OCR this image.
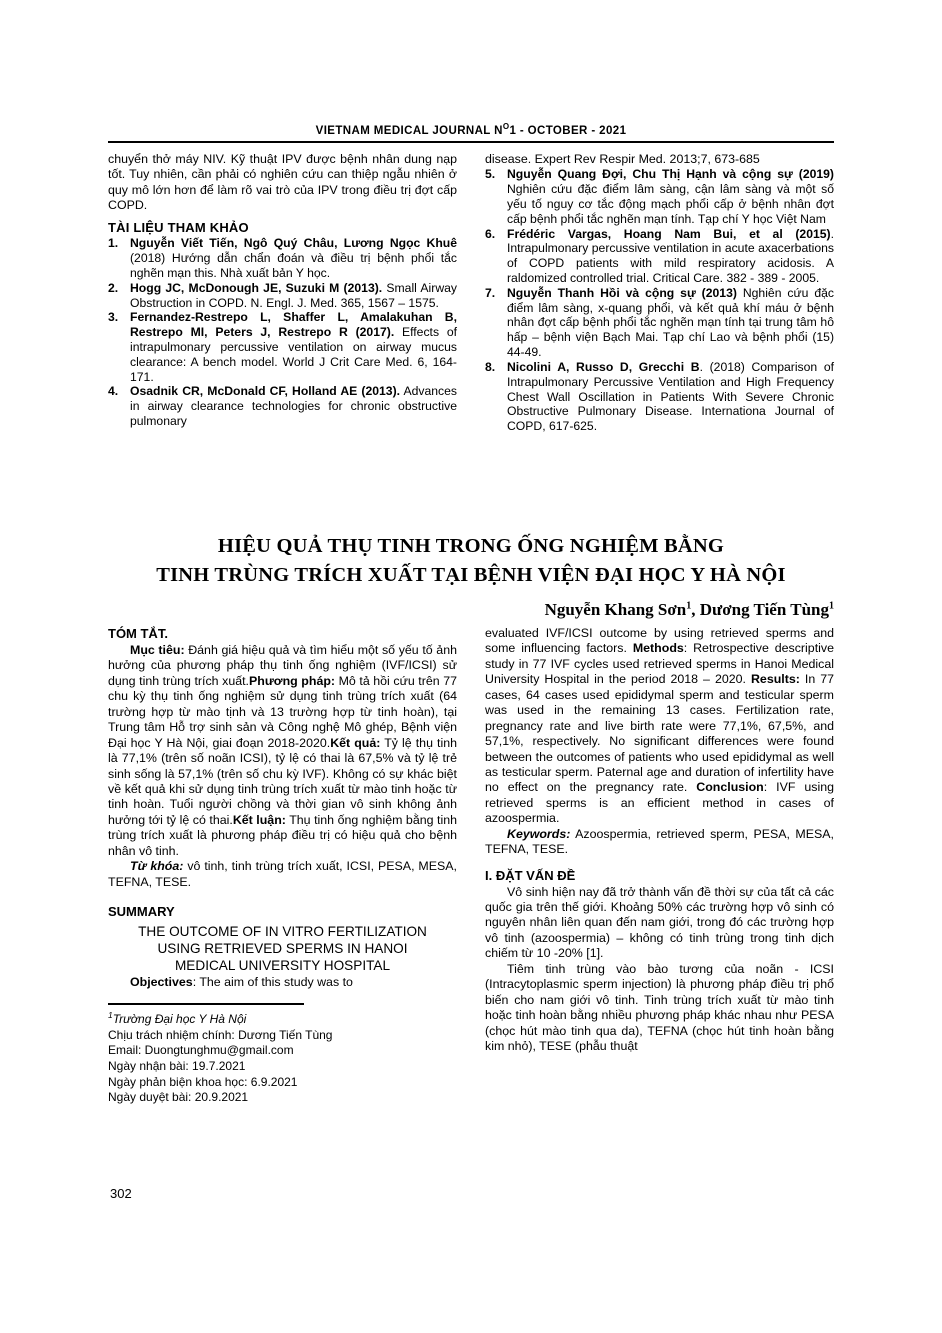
VIETNAM MEDICAL JOURNAL $N^O1$ - OCTOBER - 2021

chuyển thở máy NIV. Kỹ thuật IPV được bệnh nhân dung nạp tốt. Tuy nhiên, cần phải có nghiên cứu can thiệp ngẫu nhiên ở quy mô lớn hơn để làm rõ vai trò của IPV trong điều trị đợt cấp COPD.

TÀI LIỆU THAM KHẢO
1. Nguyễn Viết Tiến, Ngô Quý Châu, Lương Ngọc Khuê (2018) Hướng dẫn chẩn đoán và điều trị bệnh phổi tắc nghẽn mạn this. Nhà xuất bản Y học.
2. Hogg JC, McDonough JE, Suzuki M (2013). Small Airway Obstruction in COPD. N. Engl. J. Med. 365, 1567 – 1575.
3. Fernandez-Restrepo L, Shaffer L, Amalakuhan B, Restrepo MI, Peters J, Restrepo R (2017). Effects of intrapulmonary percussive ventilation on airway mucus clearance: A bench model. World J Crit Care Med. 6, 164-171.
4. Osadnik CR, McDonald CF, Holland AE (2013). Advances in airway clearance technologies for chronic obstructive pulmonary

disease. Expert Rev Respir Med. 2013;7, 673-685

5. Nguyễn Quang Đợi, Chu Thị Hạnh và cộng sự (2019) Nghiên cứu đặc điểm lâm sàng, cận lâm sàng và một số yếu tố nguy cơ tắc động mạch phổi cấp ở bệnh nhân đợt cấp bệnh phổi tắc nghẽn mạn tính. Tạp chí Y học Việt Nam
6. Frédéric Vargas, Hoang Nam Bui, et al (2015). Intrapulmonary percussive ventilation in acute axacerbations of COPD patients with mild respiratory acidosis. A raldomized controlled trial. Critical Care. 382 - 389 - 2005.
7. Nguyễn Thanh Hồi và cộng sự (2013) Nghiên cứu đặc điểm lâm sàng, x-quang phổi, và kết quả khí máu ở bệnh nhân đợt cấp bệnh phổi tắc nghẽn mạn tính tại trung tâm hô hấp – bệnh viện Bạch Mai. Tạp chí Lao và bệnh phổi (15) 44-49.
8. Nicolini A, Russo D, Grecchi B. (2018) Comparison of Intrapulmonary Percussive Ventilation and High Frequency Chest Wall Oscillation in Patients With Severe Chronic Obstructive Pulmonary Disease. Internationa Journal of COPD, 617-625.
HIỆU QUẢ THỤ TINH TRONG ỐNG NGHIỆM BẰNG
TINH TRÙNG TRÍCH XUẤT TẠI BỆNH VIỆN ĐẠI HỌC Y HÀ NỘI
Nguyễn Khang Sơn$^1$, Dương Tiến Tùng$^1$
TÓM TẮT.

Mục tiêu: Đánh giá hiệu quả và tìm hiểu một số yếu tố ảnh hưởng của phương pháp thụ tinh ống nghiệm (IVF/ICSI) sử dụng tinh trùng trích xuất.Phương pháp: Mô tả hồi cứu trên 77 chu kỳ thụ tinh ống nghiệm sử dụng tinh trùng trích xuất (64 trường hợp từ mào tịnh và 13 trường hợp từ tinh hoàn), tại Trung tâm Hỗ trợ sinh sản và Công nghệ Mô ghép, Bệnh viện Đại học Y Hà Nội, giai đoạn 2018-2020.Kết quả: Tỷ lệ thụ tinh là 77,1% (trên số noãn ICSI), tỷ lệ có thai là 67,5% và tỷ lệ trẻ sinh sống là 57,1% (trên số chu kỳ IVF). Không có sự khác biệt về kết quả khi sử dụng tinh trùng trích xuất từ mào tinh hoặc từ tinh hoàn. Tuổi người chồng và thời gian vô sinh không ảnh hưởng tới tỷ lệ có thai.Kết luận: Thụ tinh ống nghiệm bằng tinh trùng trích xuất là phương pháp điều trị có hiệu quả cho bệnh nhân vô tinh.

Từ khóa: vô tinh, tinh trùng trích xuất, ICSI, PESA, MESA, TEFNA, TESE.

SUMMARY
THE OUTCOME OF IN VITRO FERTILIZATION
USING RETRIEVED SPERMS IN HANOI
MEDICAL UNIVERSITY HOSPITAL

Objectives: The aim of this study was to

$^1$Trường Đại học Y Hà Nội

Chịu trách nhiệm chính: Dương Tiến Tùng

Email: Duongtunghmu@gmail.com

Ngày nhận bài: 19.7.2021

Ngày phản biện khoa học: 6.9.2021

Ngày duyệt bài: 20.9.2021

evaluated IVF/ICSI outcome by using retrieved sperms and some influencing factors. Methods: Retrospective descriptive study in 77 IVF cycles used retrieved sperms in Hanoi Medical University Hospital in the period 2018 – 2020. Results: In 77 cases, 64 cases used epididymal sperm and testicular sperm was used in the remaining 13 cases. Fertilization rate, pregnancy rate and live birth rate were 77,1%, 67,5%, and 57,1%, respectively. No significant differences were found between the outcomes of patients who used epididymal as well as testicular sperm. Paternal age and duration of infertility have no effect on the pregnancy rate. Conclusion: IVF using retrieved sperms is an efficient method in cases of azoospermia.

Keywords: Azoospermia, retrieved sperm, PESA, MESA, TEFNA, TESE.

I. ĐẶT VẤN ĐỀ

Vô sinh hiện nay đã trở thành vấn đề thời sự của tất cả các quốc gia trên thế giới. Khoảng 50% các trường hợp vô sinh có nguyên nhân liên quan đến nam giới, trong đó các trường hợp vô tinh (azoospermia) – không có tinh trùng trong tinh dịch chiếm từ 10 -20% [1].

Tiêm tinh trùng vào bào tương của noãn - ICSI (Intracytoplasmic sperm injection) là phương pháp điều trị phổ biến cho nam giới vô tinh. Tinh trùng trích xuất từ mào tinh hoặc tinh hoàn bằng nhiều phương pháp khác nhau như PESA (chọc hút mào tinh qua da), TEFNA (chọc hút tinh hoàn bằng kim nhỏ), TESE (phẫu thuật

302
